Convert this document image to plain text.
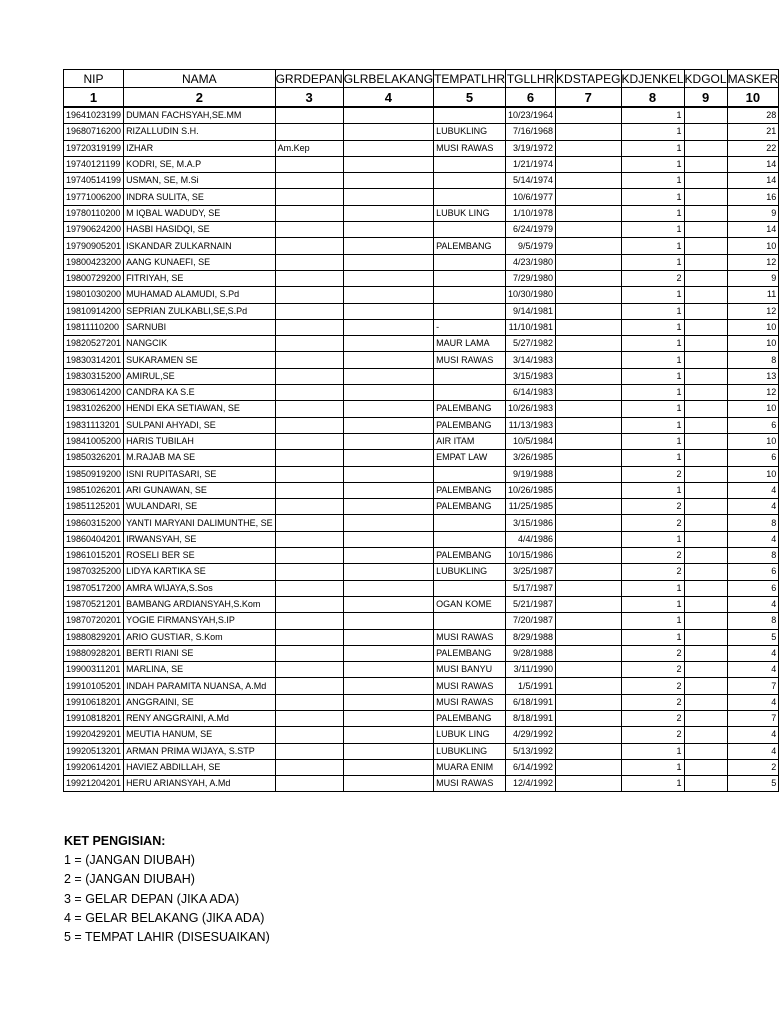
NIP	NAMA	GRRDEPAN	GLRBELAKANG	TEMPATLHR	TGLLHR	KDSTAPEG	KDJENKEL	KDGOL	MASKER
1	2	3	4	5	6	7	8	9	10
19641023199	DUMAN FACHSYAH,SE.MM				10/23/1964		1		28
19680716200	RIZALLUDIN S.H.			LUBUKLING	7/16/1968		1		21
19720319199	IZHAR	Am.Kep		MUSI RAWAS	3/19/1972		1		22
19740121199	KODRI, SE, M.A.P				1/21/1974		1		14
19740514199	USMAN, SE, M.Si				5/14/1974		1		14
19771006200	INDRA SULITA, SE				10/6/1977		1		16
19780110200	M IQBAL WADUDY, SE			LUBUK LING	1/10/1978		1		9
19790624200	HASBI HASIDQI, SE				6/24/1979		1		14
19790905201	ISKANDAR ZULKARNAIN			PALEMBANG	9/5/1979		1		10
19800423200	AANG KUNAEFI, SE				4/23/1980		1		12
19800729200	FITRIYAH, SE				7/29/1980		2		9
19801030200	MUHAMAD ALAMUDI, S.Pd				10/30/1980		1		11
19810914200	SEPRIAN ZULKABLI,SE,S.Pd				9/14/1981		1		12
19811110200	SARNUBI			-	11/10/1981		1		10
19820527201	NANGCIK			MAUR LAMA	5/27/1982		1		10
19830314201	SUKARAMEN SE			MUSI RAWAS	3/14/1983		1		8
19830315200	AMIRUL,SE				3/15/1983		1		13
19830614200	CANDRA KA S.E				6/14/1983		1		12
19831026200	HENDI EKA SETIAWAN, SE			PALEMBANG	10/26/1983		1		10
19831113201	SULPANI AHYADI, SE			PALEMBANG	11/13/1983		1		6
19841005200	HARIS TUBILAH			AIR ITAM	10/5/1984		1		10
19850326201	M.RAJAB MA SE			EMPAT LAW	3/26/1985		1		6
19850919200	ISNI RUPITASARI, SE				9/19/1988		2		10
19851026201	ARI GUNAWAN, SE			PALEMBANG	10/26/1985		1		4
19851125201	WULANDARI, SE			PALEMBANG	11/25/1985		2		4
19860315200	YANTI MARYANI DALIMUNTHE, SE				3/15/1986		2		8
19860404201	IRWANSYAH, SE				4/4/1986		1		4
19861015201	ROSELI BER SE			PALEMBANG	10/15/1986		2		8
19870325200	LIDYA KARTIKA SE			LUBUKLING	3/25/1987		2		6
19870517200	AMRA WIJAYA,S.Sos				5/17/1987		1		6
19870521201	BAMBANG ARDIANSYAH,S.Kom			OGAN KOME	5/21/1987		1		4
19870720201	YOGIE FIRMANSYAH,S.IP				7/20/1987		1		8
19880829201	ARIO GUSTIAR, S.Kom			MUSI RAWAS	8/29/1988		1		5
19880928201	BERTI RIANI SE			PALEMBANG	9/28/1988		2		4
19900311201	MARLINA, SE			MUSI BANYU	3/11/1990		2		4
19910105201	INDAH PARAMITA NUANSA, A.Md			MUSI RAWAS	1/5/1991		2		7
19910618201	ANGGRAINI, SE			MUSI RAWAS	6/18/1991		2		4
19910818201	RENY ANGGRAINI, A.Md			PALEMBANG	8/18/1991		2		7
19920429201	MEUTIA HANUM, SE			LUBUK LING	4/29/1992		2		4
19920513201	ARMAN PRIMA WIJAYA, S.STP			LUBUKLING	5/13/1992		1		4
19920614201	HAVIEZ ABDILLAH, SE			MUARA ENIM	6/14/1992		1		2
19921204201	HERU ARIANSYAH, A.Md			MUSI RAWAS	12/4/1992		1		5
KET PENGISIAN:
1 = (JANGAN DIUBAH)
2 = (JANGAN DIUBAH)
3 = GELAR DEPAN (JIKA ADA)
4 = GELAR BELAKANG (JIKA ADA)
5 = TEMPAT LAHIR (DISESUAIKAN)
